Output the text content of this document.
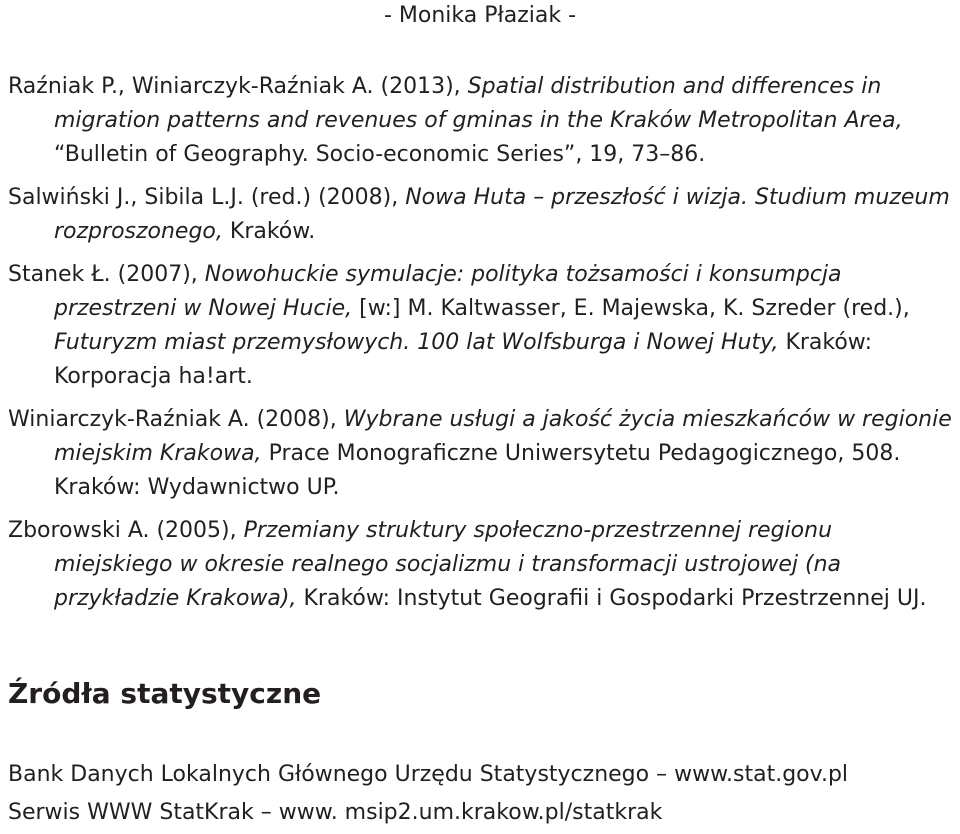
- Monika Płaziak -

Raźniak P., Winiarczyk-Raźniak A. (2013), Spatial distribution and differences in migration patterns and revenues of gminas in the Kraków Metropolitan Area, “Bulletin of Geography. Socio-economic Series”, 19, 73–86.

Salwiński J., Sibila L.J. (red.) (2008), Nowa Huta – przeszłość i wizja. Studium muzeum rozproszonego, Kraków.

Stanek Ł. (2007), Nowohuckie symulacje: polityka tożsamości i konsumpcja przestrzeni w Nowej Hucie, [w:] M. Kaltwasser, E. Majewska, K. Szreder (red.), Futuryzm miast przemysłowych. 100 lat Wolfsburga i Nowej Huty, Kraków: Korporacja ha!art.

Winiarczyk-Raźniak A. (2008), Wybrane usługi a jakość życia mieszkańców w regionie miejskim Krakowa, Prace Monograficzne Uniwersytetu Pedagogicznego, 508. Kraków: Wydawnictwo UP.

Zborowski A. (2005), Przemiany struktury społeczno-przestrzennej regionu miejskiego w okresie realnego socjalizmu i transformacji ustrojowej (na przykładzie Krakowa), Kraków: Instytut Geografii i Gospodarki Przestrzennej UJ.

Źródła statystyczne

Bank Danych Lokalnych Głównego Urzędu Statystycznego – www.stat.gov.pl

Serwis WWW StatKrak – www. msip2.um.krakow.pl/statkrak
